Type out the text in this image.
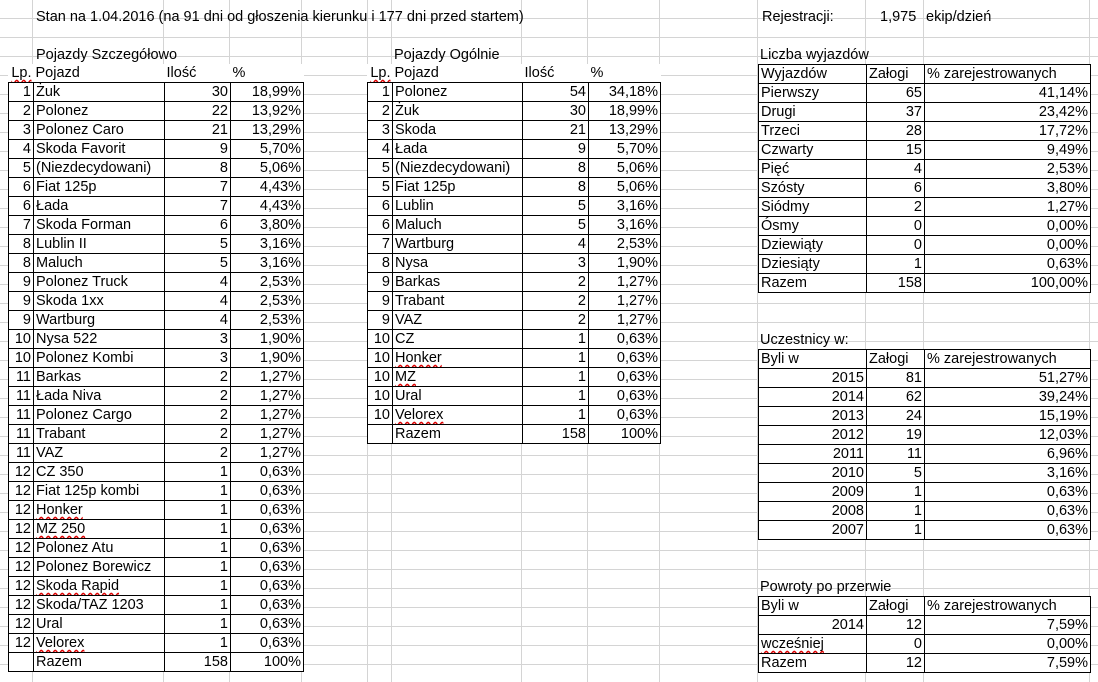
Stan na 1.04.2016 (na 91 dni od głoszenia kierunku i 177 dni przed startem)	Rejestracji:	1,975 ekip/dzień
Pojazdy Szczegółowo	Pojazdy Ogólnie	Liczba wyjazdów
Uczestnicy w:
Powroty po przerwie
Lp.	Pojazd	Ilość	%
1	Żuk	30	18,99%
2	Polonez	22	13,92%
3	Polonez Caro	21	13,29%
4	Skoda Favorit	9	5,70%
5	(Niezdecydowani)	8	5,06%
6	Fiat 125p	7	4,43%
6	Łada	7	4,43%
7	Skoda Forman	6	3,80%
8	Lublin II	5	3,16%
8	Maluch	5	3,16%
9	Polonez Truck	4	2,53%
9	Skoda 1xx	4	2,53%
9	Wartburg	4	2,53%
10	Nysa 522	3	1,90%
10	Polonez Kombi	3	1,90%
11	Barkas	2	1,27%
11	Łada Niva	2	1,27%
11	Polonez Cargo	2	1,27%
11	Trabant	2	1,27%
11	VAZ	2	1,27%
12	CZ 350	1	0,63%
12	Fiat 125p kombi	1	0,63%
12	Honker	1	0,63%
12	MZ 250	1	0,63%
12	Polonez Atu	1	0,63%
12	Polonez Borewicz	1	0,63%
12	Skoda Rapid	1	0,63%
12	Skoda/TAZ 1203	1	0,63%
12	Ural	1	0,63%
12	Velorex	1	0,63%
	Razem	158	100%
Lp.	Pojazd	Ilość	%
1	Polonez	54	34,18%
2	Żuk	30	18,99%
3	Skoda	21	13,29%
4	Łada	9	5,70%
5	(Niezdecydowani)	8	5,06%
5	Fiat 125p	8	5,06%
6	Lublin	5	3,16%
6	Maluch	5	3,16%
7	Wartburg	4	2,53%
8	Nysa	3	1,90%
9	Barkas	2	1,27%
9	Trabant	2	1,27%
9	VAZ	2	1,27%
10	CZ	1	0,63%
10	Honker	1	0,63%
10	MZ	1	0,63%
10	Ural	1	0,63%
10	Velorex	1	0,63%
	Razem	158	100%
Wyjazdów	Załogi	% zarejestrowanych
Pierwszy	65	41,14%
Drugi	37	23,42%
Trzeci	28	17,72%
Czwarty	15	9,49%
Pięć	4	2,53%
Szósty	6	3,80%
Siódmy	2	1,27%
Ósmy	0	0,00%
Dziewiąty	0	0,00%
Dziesiąty	1	0,63%
Razem	158	100,00%
Byli w	Załogi	% zarejestrowanych
2015	81	51,27%
2014	62	39,24%
2013	24	15,19%
2012	19	12,03%
2011	11	6,96%
2010	5	3,16%
2009	1	0,63%
2008	1	0,63%
2007	1	0,63%
Byli w	Załogi	% zarejestrowanych
2014	12	7,59%
wcześniej	0	0,00%
Razem	12	7,59%
